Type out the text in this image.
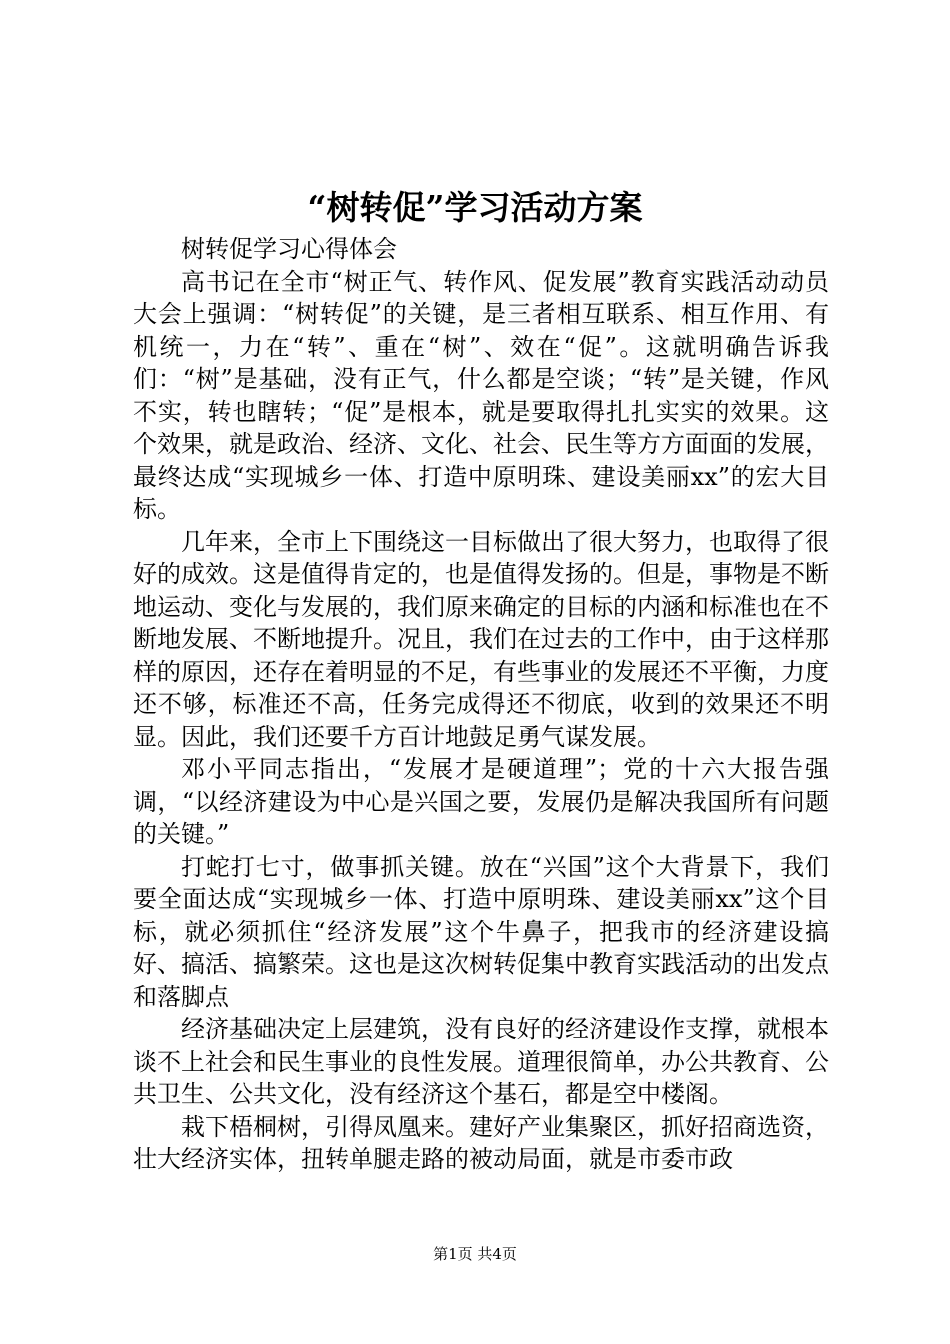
“树转促”学习活动方案

树转促学习心得体会

高书记在全市“树正气、转作风、促发展”教育实践活动动员大会上强调：“树转促”的关键，是三者相互联系、相互作用、有机统一，力在“转”、重在“树”、效在“促”。这就明确告诉我们：“树”是基础，没有正气，什么都是空谈；“转”是关键，作风不实，转也瞎转；“促”是根本，就是要取得扎扎实实的效果。这个效果，就是政治、经济、文化、社会、民生等方方面面的发展，最终达成“实现城乡一体、打造中原明珠、建设美丽xx”的宏大目标。

几年来，全市上下围绕这一目标做出了很大努力，也取得了很好的成效。这是值得肯定的，也是值得发扬的。但是，事物是不断地运动、变化与发展的，我们原来确定的目标的内涵和标准也在不断地发展、不断地提升。况且，我们在过去的工作中，由于这样那样的原因，还存在着明显的不足，有些事业的发展还不平衡，力度还不够，标准还不高，任务完成得还不彻底，收到的效果还不明显。因此，我们还要千方百计地鼓足勇气谋发展。

邓小平同志指出，“发展才是硬道理”；党的十六大报告强调，“以经济建设为中心是兴国之要，发展仍是解决我国所有问题的关键。”

打蛇打七寸，做事抓关键。放在“兴国”这个大背景下，我们要全面达成“实现城乡一体、打造中原明珠、建设美丽xx”这个目标，就必须抓住“经济发展”这个牛鼻子，把我市的经济建设搞好、搞活、搞繁荣。这也是这次树转促集中教育实践活动的出发点和落脚点

经济基础决定上层建筑，没有良好的经济建设作支撑，就根本谈不上社会和民生事业的良性发展。道理很简单，办公共教育、公共卫生、公共文化，没有经济这个基石，都是空中楼阁。

栽下梧桐树，引得凤凰来。建好产业集聚区，抓好招商选资，壮大经济实体，扭转单腿走路的被动局面，就是市委市政

第1页 共4页
